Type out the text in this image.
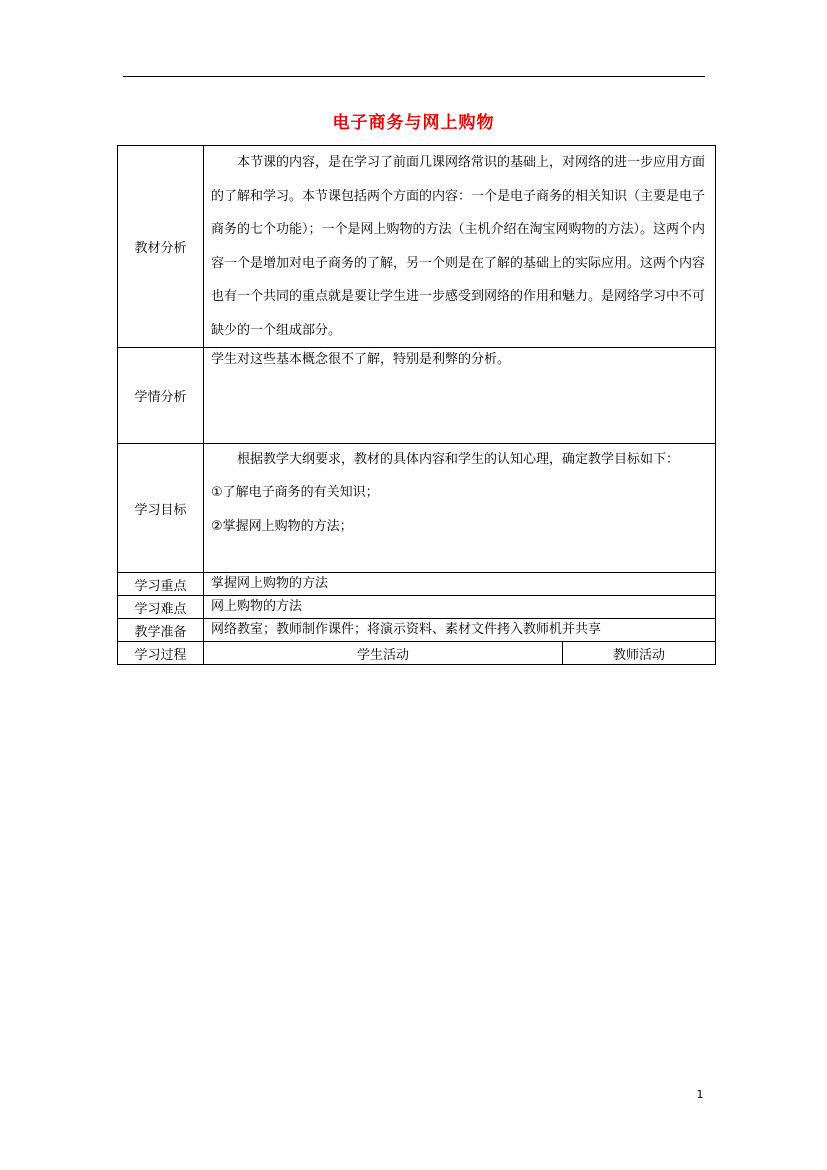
电子商务与网上购物
教材分析	本节课的内容，是在学习了前面几课网络常识的基础上，对网络的进一步应用方面的了解和学习。本节课包括两个方面的内容：一个是电子商务的相关知识（主要是电子商务的七个功能）；一个是网上购物的方法（主机介绍在淘宝网购物的方法）。这两个内容一个是增加对电子商务的了解，另一个则是在了解的基础上的实际应用。这两个内容也有一个共同的重点就是要让学生进一步感受到网络的作用和魅力。是网络学习中不可缺少的一个组成部分。	

学情分析	学生对这些基本概念很不了解，特别是利弊的分析。	

学习目标	根据教学大纲要求，教材的具体内容和学生的认知心理，确定教学目标如下：

①了解电子商务的有关知识；

②掌握网上购物的方法；	

学习重点	掌握网上购物的方法	
学习难点	网上购物的方法	
教学准备	网络教室；教师制作课件；将演示资料、素材文件拷入教师机并共享	
学习过程	学生活动	教师活动
1
